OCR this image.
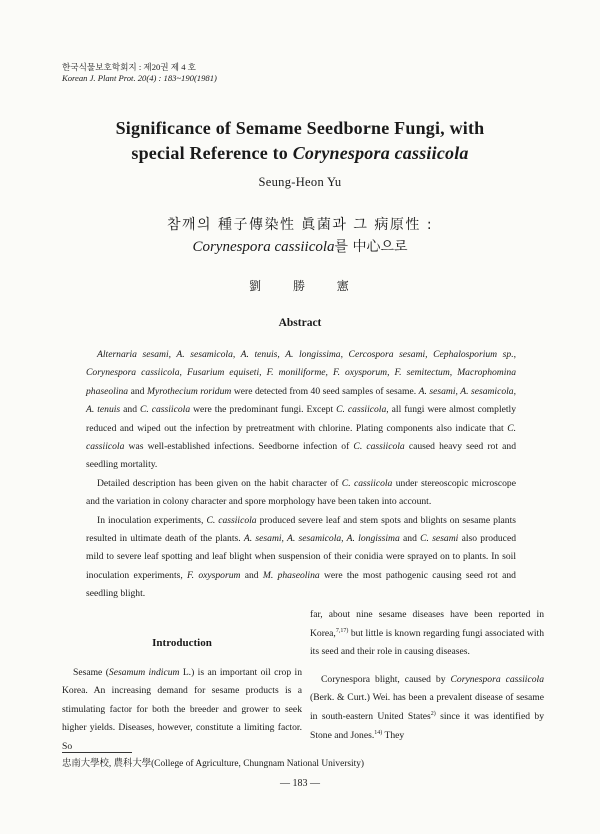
한국식물보호학회지 : 제20권 제 4 호
Korean J. Plant Prot. 20(4) : 183~190(1981)
Significance of Semame Seedborne Fungi, with
special Reference to Corynespora cassiicola
Seung-Heon Yu
참깨의 種子傳染性 眞菌과 그 病原性 :
Corynespora cassiicola를 中心으로
劉 勝 憲
Abstract

Alternaria sesami, A. sesamicola, A. tenuis, A. longissima, Cercospora sesami, Cephalosporium sp., Corynespora cassiicola, Fusarium equiseti, F. moniliforme, F. oxysporum, F. semitectum, Macrophomina phaseolina and Myrothecium roridum were detected from 40 seed samples of sesame. A. sesami, A. sesamicola, A. tenuis and C. cassiicola were the predominant fungi. Except C. cassiicola, all fungi were almost completly reduced and wiped out the infection by pretreatment with chlorine. Plating components also indicate that C. cassiicola was well-established infections. Seedborne infection of C. cassiicola caused heavy seed rot and seedling mortality.

Detailed description has been given on the habit character of C. cassiicola under stereoscopic microscope and the variation in colony character and spore morphology have been taken into account.

In inoculation experiments, C. cassiicola produced severe leaf and stem spots and blights on sesame plants resulted in ultimate death of the plants. A. sesami, A. sesamicola, A. longissima and C. sesami also produced mild to severe leaf spotting and leaf blight when suspension of their conidia were sprayed on to plants. In soil inoculation experiments, F. oxysporum and M. phaseolina were the most pathogenic causing seed rot and seedling blight.

Introduction

Sesame (Sesamum indicum L.) is an important oil crop in Korea. An increasing demand for sesame products is a stimulating factor for both the breeder and grower to seek higher yields. Diseases, however, constitute a limiting factor. So

far, about nine sesame diseases have been reported in Korea,$^{7,17)}$ but little is known regarding fungi associated with its seed and their role in causing diseases.

Corynespora blight, caused by Corynespora cassiicola (Berk. & Curt.) Wei. has been a prevalent disease of sesame in south-eastern United States$^{2)}$ since it was identified by Stone and Jones.$^{14)}$ They

忠南大學校, 農科大學(College of Agriculture, Chungnam National University)
— 183 —
